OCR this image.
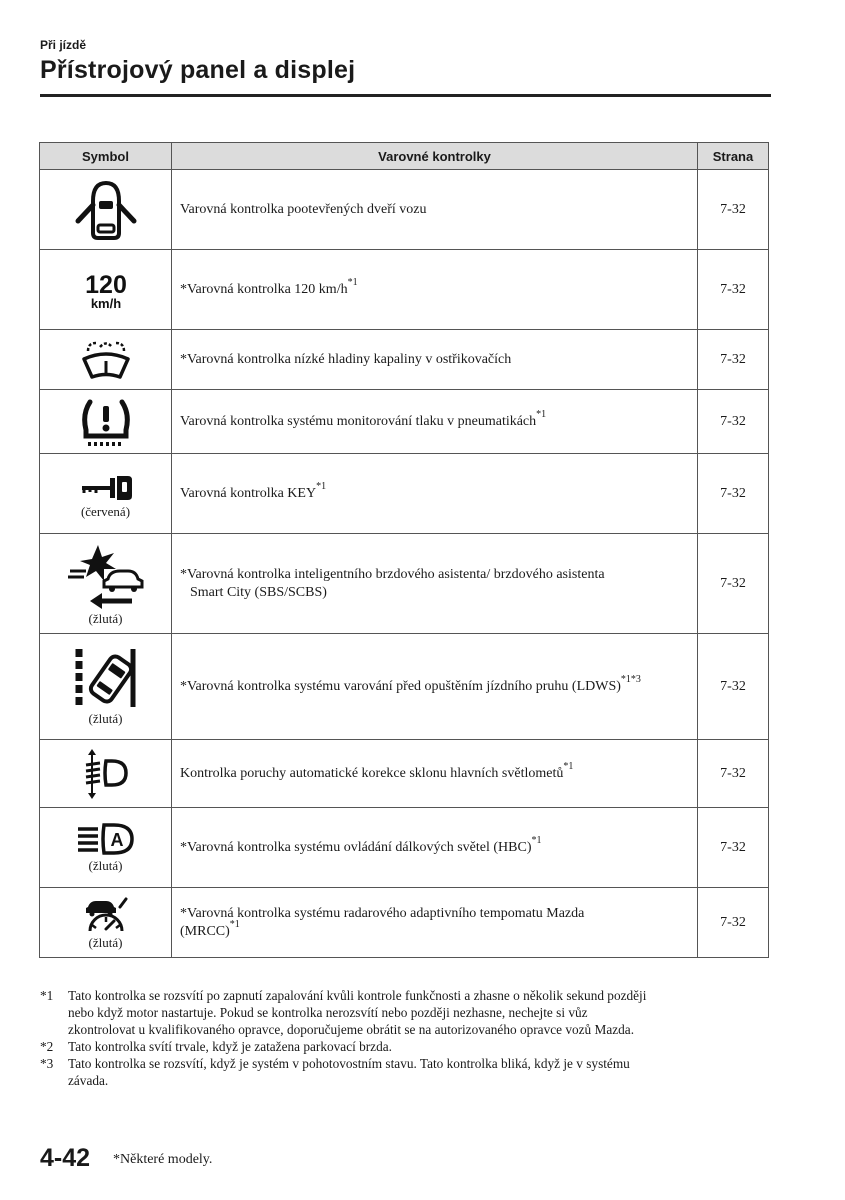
Při jízdě
Přístrojový panel a displej
Symbol	Varovné kontrolky	Strana

	Varovná kontrolka pootevřených dveří vozu	7-32

120
km/h	*Varovná kontrolka 120 $km/h^{*1}$	7-32

	*Varovná kontrolka nízké hladiny kapaliny v ostřikovačích	7-32

	Varovná kontrolka systému monitorování tlaku v pneumatikách$^{*1}$	7-32

(červená)	Varovná kontrolka KEY$^{*1}$	7-32

(žlutá)	*Varovná kontrolka inteligentního brzdového asistenta/ brzdového asistenta
Smart City (SBS/SCBS)	7-32

(žlutá)	*Varovná kontrolka systému varování před opuštěním jízdního pruhu (LDWS)$^{*1*3}$	7-32

	Kontrolka poruchy automatické korekce sklonu hlavních světlometů$^{*1}$	7-32

A
(žlutá)	*Varovná kontrolka systému ovládání dálkových světel (HBC)$^{*1}$	7-32

(žlutá)	*Varovná kontrolka systému radarového adaptivního tempomatu Mazda
(MRCC)$^{*1}$	7-32
*1	Tato kontrolka se rozsvítí po zapnutí zapalování kvůli kontrole funkčnosti a zhasne o několik sekund později
nebo když motor nastartuje. Pokud se kontrolka nerozsvítí nebo později nezhasne, nechejte si vůz
zkontrolovat u kvalifikovaného opravce, doporučujeme obrátit se na autorizovaného opravce vozů Mazda.
*2	Tato kontrolka svítí trvale, když je zatažena parkovací brzda.
*3	Tato kontrolka se rozsvítí, když je systém v pohotovostním stavu. Tato kontrolka bliká, když je v systému
závada.
4-42 *Některé modely.
